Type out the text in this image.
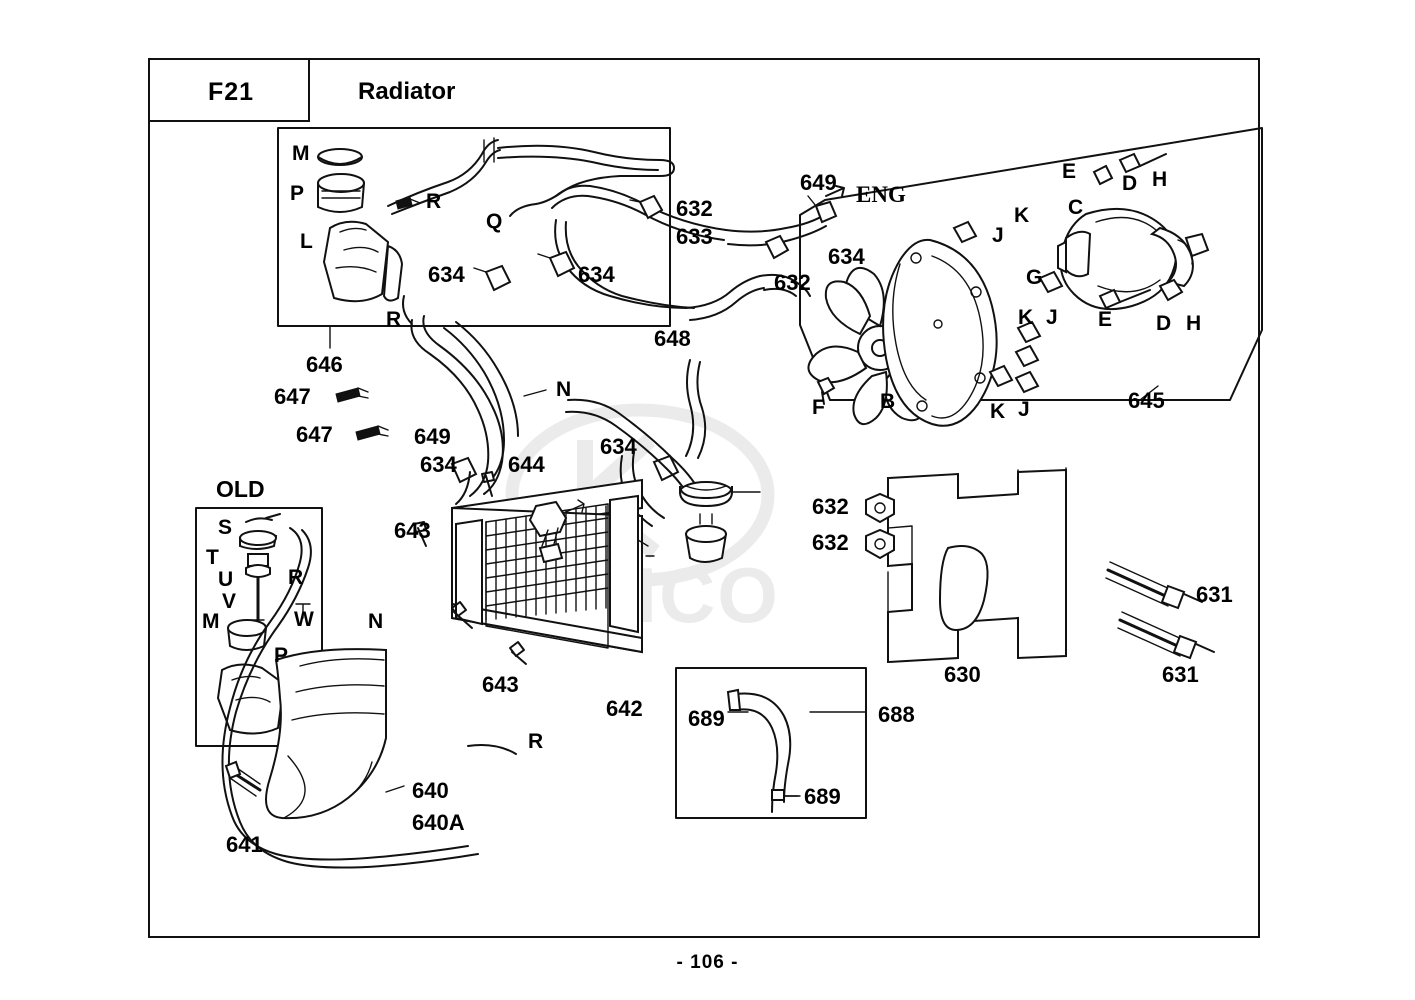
F21	Radiator
- 106 -
KIMCO
M
P
L
R
Q
646
647
647
632
633
632
649 ENG
634
634	634
634
634
648
649
N
R
644
643
643
642
632
632
630
631
631
645
E
D H
C
K
J
G
B
F
K J E D H
K J
OLD
S
T
U
V
M
R
W
P
N
R
640
640A
641
689
689
688
